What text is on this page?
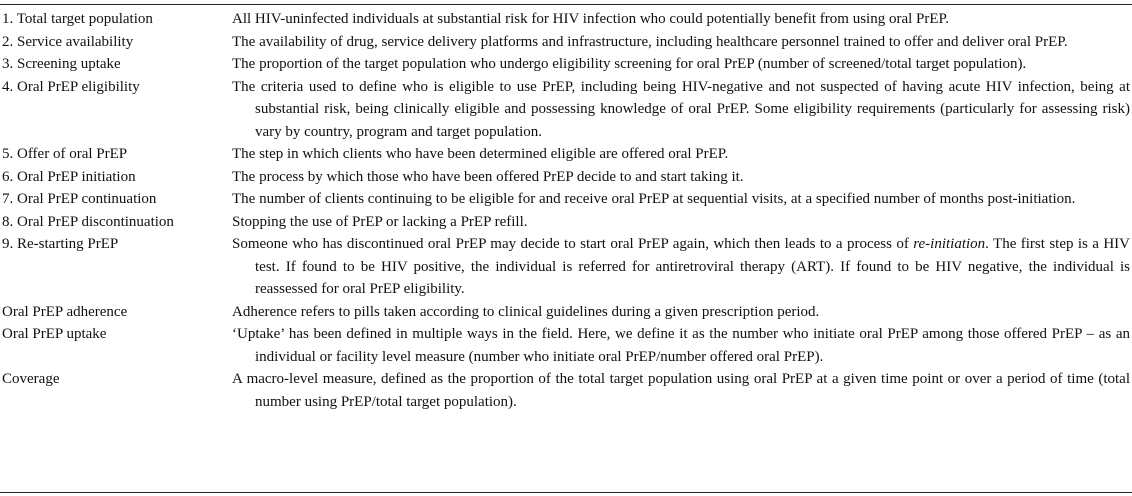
1. Total target population	All HIV-uninfected individuals at substantial risk for HIV infection who could potentially benefit from using oral PrEP.

2. Service availability	The availability of drug, service delivery platforms and infrastructure, including healthcare personnel trained to offer and deliver oral PrEP.

3. Screening uptake	The proportion of the target population who undergo eligibility screening for oral PrEP (number of screened/total target population).

4. Oral PrEP eligibility	The criteria used to define who is eligible to use PrEP, including being HIV-negative and not suspected of having acute HIV infection, being at substantial risk, being clinically eligible and possessing knowledge of oral PrEP. Some eligibility requirements (particularly for assessing risk) vary by country, program and target population.

5. Offer of oral PrEP	The step in which clients who have been determined eligible are offered oral PrEP.

6. Oral PrEP initiation	The process by which those who have been offered PrEP decide to and start taking it.

7. Oral PrEP continuation	The number of clients continuing to be eligible for and receive oral PrEP at sequential visits, at a specified number of months post-initiation.

8. Oral PrEP discontinuation	Stopping the use of PrEP or lacking a PrEP refill.

9. Re-starting PrEP	Someone who has discontinued oral PrEP may decide to start oral PrEP again, which then leads to a process of re-initiation. The first step is a HIV test. If found to be HIV positive, the individual is referred for antiretroviral therapy (ART). If found to be HIV negative, the individual is reassessed for oral PrEP eligibility.

Oral PrEP adherence	Adherence refers to pills taken according to clinical guidelines during a given prescription period.

Oral PrEP uptake	‘Uptake’ has been defined in multiple ways in the field. Here, we define it as the number who initiate oral PrEP among those offered PrEP – as an individual or facility level measure (number who initiate oral PrEP/number offered oral PrEP).

Coverage	A macro-level measure, defined as the proportion of the total target population using oral PrEP at a given time point or over a period of time (total number using PrEP/total target population).
